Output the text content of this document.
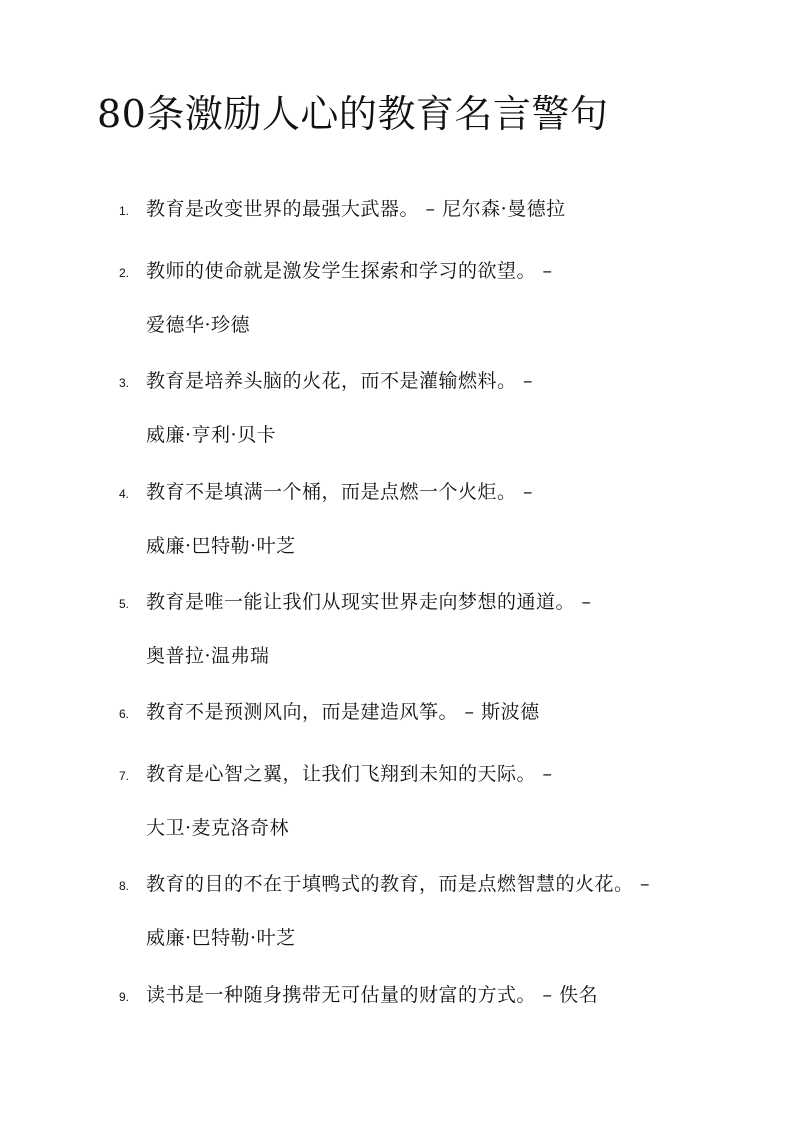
80条激励人心的教育名言警句
1. 教育是改变世界的最强大武器。 – 尼尔森·曼德拉
2. 教师的使命就是激发学生探索和学习的欲望。 –
爱德华·珍德
3. 教育是培养头脑的火花，而不是灌输燃料。 –
威廉·亨利·贝卡
4. 教育不是填满一个桶，而是点燃一个火炬。 –
威廉·巴特勒·叶芝
5. 教育是唯一能让我们从现实世界走向梦想的通道。 –
奥普拉·温弗瑞
6. 教育不是预测风向，而是建造风筝。 – 斯波德
7. 教育是心智之翼，让我们飞翔到未知的天际。 –
大卫·麦克洛奇林
8. 教育的目的不在于填鸭式的教育，而是点燃智慧的火花。 –
威廉·巴特勒·叶芝
9. 读书是一种随身携带无可估量的财富的方式。 – 佚名
